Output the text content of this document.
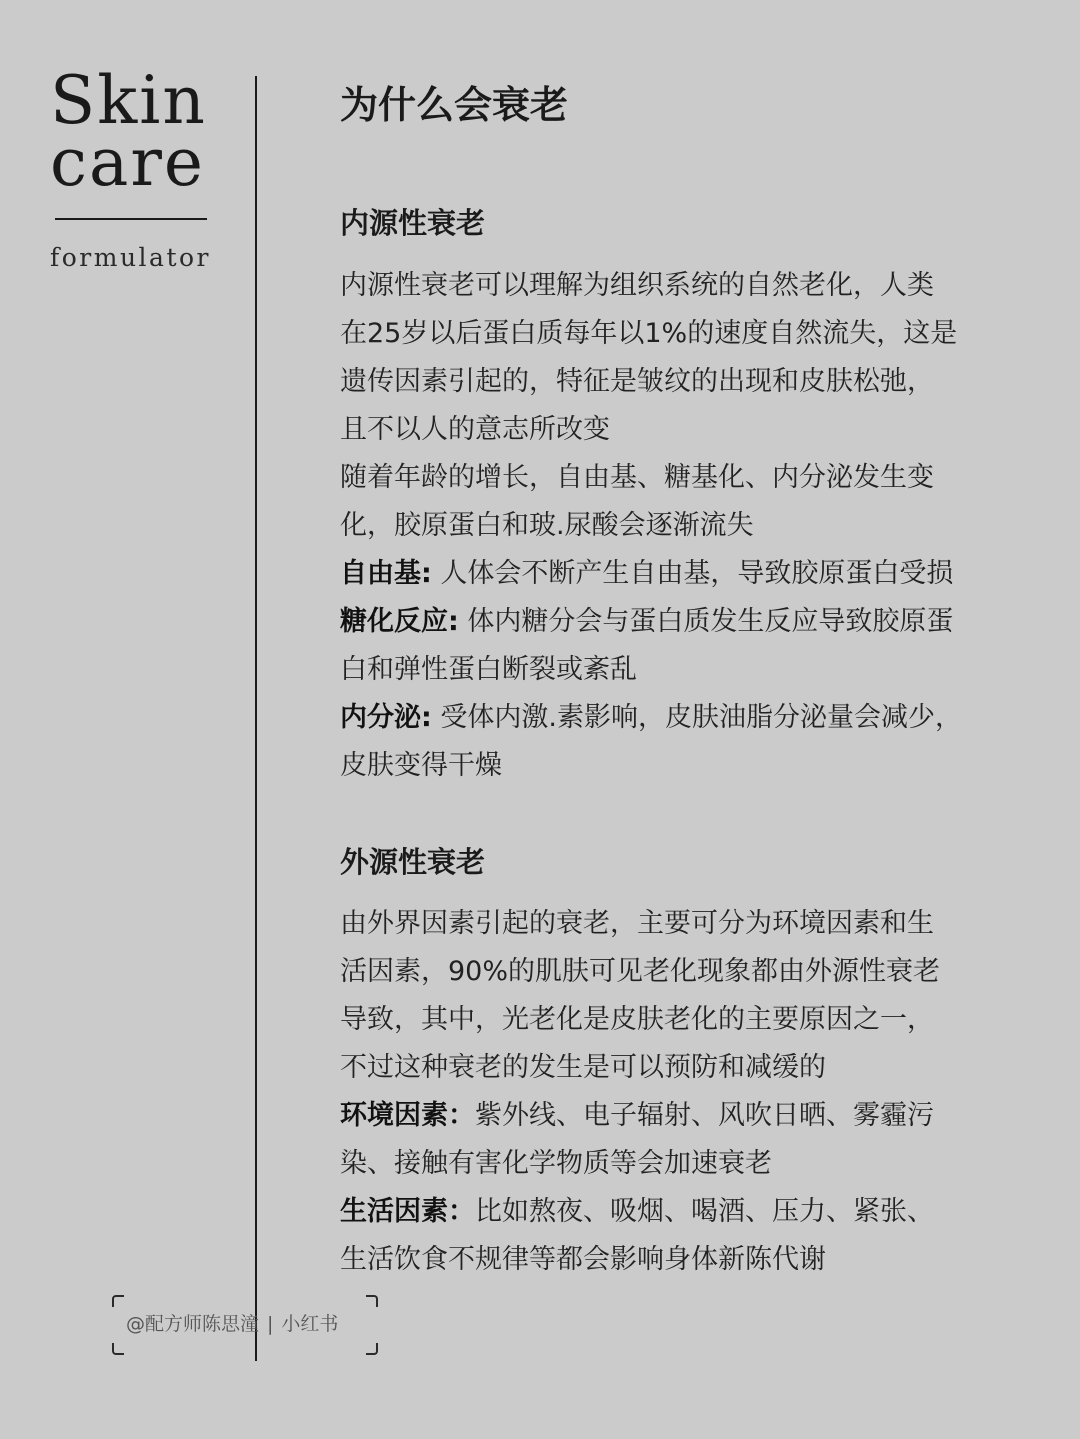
Skin
care
formulator
为什么会衰老
内源性衰老
内源性衰老可以理解为组织系统的自然老化，人类
在25岁以后蛋白质每年以1%的速度自然流失，这是
遗传因素引起的，特征是皱纹的出现和皮肤松弛，
且不以人的意志所改变
随着年龄的增长，自由基、糖基化、内分泌发生变
化，胶原蛋白和玻.尿酸会逐渐流失
自由基: 人体会不断产生自由基，导致胶原蛋白受损
糖化反应: 体内糖分会与蛋白质发生反应导致胶原蛋
白和弹性蛋白断裂或紊乱
内分泌: 受体内激.素影响，皮肤油脂分泌量会减少，
皮肤变得干燥
外源性衰老
由外界因素引起的衰老，主要可分为环境因素和生
活因素，90%的肌肤可见老化现象都由外源性衰老
导致，其中，光老化是皮肤老化的主要原因之一，
不过这种衰老的发生是可以预防和减缓的
环境因素：紫外线、电子辐射、风吹日晒、雾霾污
染、接触有害化学物质等会加速衰老
生活因素：比如熬夜、吸烟、喝酒、压力、紧张、
生活饮食不规律等都会影响身体新陈代谢
@配方师陈思潼 | 小红书
